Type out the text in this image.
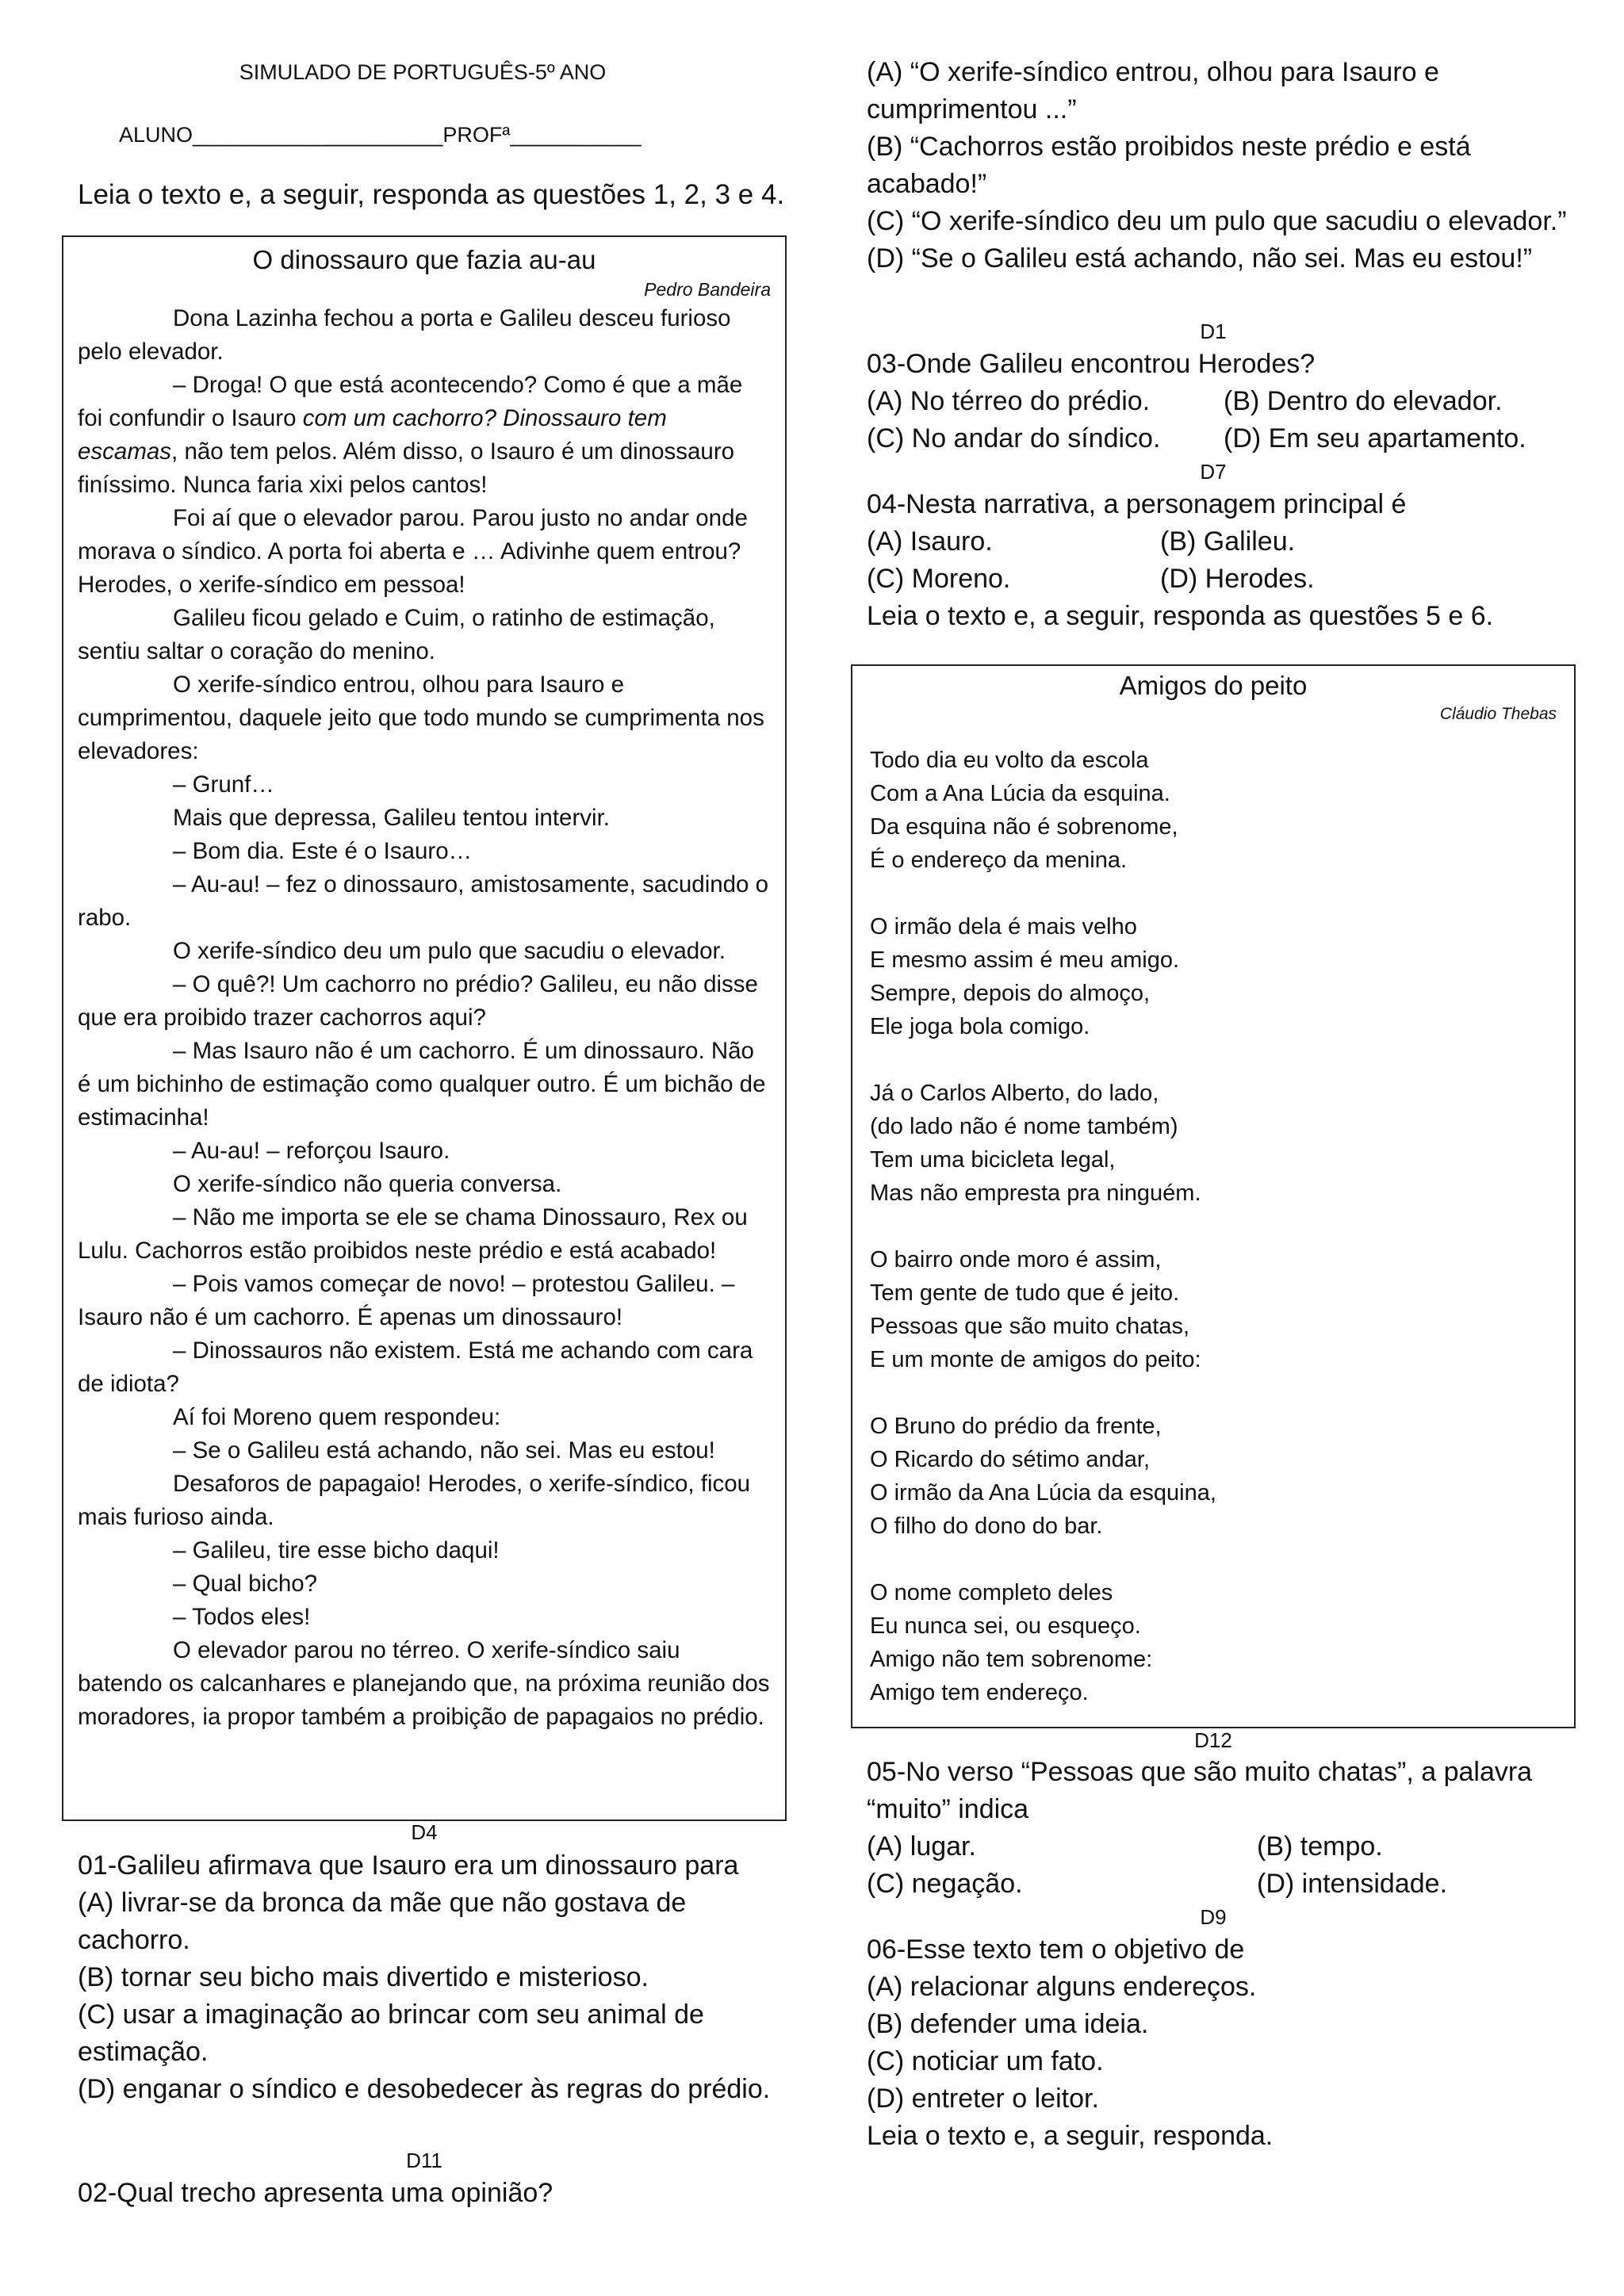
SIMULADO DE PORTUGUÊS-5º ANO
ALUNO_____________________PROFª___________
Leia o texto e, a seguir, responda as questões 1, 2, 3 e 4.
O dinossauro que fazia au-au
Pedro Bandeira

Dona Lazinha fechou a porta e Galileu desceu furioso pelo elevador.

– Droga! O que está acontecendo? Como é que a mãe foi confundir o Isauro com um cachorro? Dinossauro tem escamas, não tem pelos. Além disso, o Isauro é um dinossauro finíssimo. Nunca faria xixi pelos cantos!

Foi aí que o elevador parou. Parou justo no andar onde morava o síndico. A porta foi aberta e … Adivinhe quem entrou? Herodes, o xerife-síndico em pessoa!

Galileu ficou gelado e Cuim, o ratinho de estimação, sentiu saltar o coração do menino.

O xerife-síndico entrou, olhou para Isauro e cumprimentou, daquele jeito que todo mundo se cumprimenta nos elevadores:

– Grunf…

Mais que depressa, Galileu tentou intervir.

– Bom dia. Este é o Isauro…

– Au-au! – fez o dinossauro, amistosamente, sacudindo o rabo.

O xerife-síndico deu um pulo que sacudiu o elevador.

– O quê?! Um cachorro no prédio? Galileu, eu não disse que era proibido trazer cachorros aqui?

– Mas Isauro não é um cachorro. É um dinossauro. Não é um bichinho de estimação como qualquer outro. É um bichão de estimacinha!

– Au-au! – reforçou Isauro.

O xerife-síndico não queria conversa.

– Não me importa se ele se chama Dinossauro, Rex ou Lulu. Cachorros estão proibidos neste prédio e está acabado!

– Pois vamos começar de novo! – protestou Galileu. – Isauro não é um cachorro. É apenas um dinossauro!

– Dinossauros não existem. Está me achando com cara de idiota?

Aí foi Moreno quem respondeu:

– Se o Galileu está achando, não sei. Mas eu estou!

Desaforos de papagaio! Herodes, o xerife-síndico, ficou mais furioso ainda.

– Galileu, tire esse bicho daqui!

– Qual bicho?

– Todos eles!

O elevador parou no térreo. O xerife-síndico saiu batendo os calcanhares e planejando que, na próxima reunião dos moradores, ia propor também a proibição de papagaios no prédio.

D4
01-Galileu afirmava que Isauro era um dinossauro para
(A) livrar-se da bronca da mãe que não gostava de cachorro.
(B) tornar seu bicho mais divertido e misterioso.
(C) usar a imaginação ao brincar com seu animal de estimação.
(D) enganar o síndico e desobedecer às regras do prédio.
D11
02-Qual trecho apresenta uma opinião?
(A) “O xerife-síndico entrou, olhou para Isauro e cumprimentou ...”
(B) “Cachorros estão proibidos neste prédio e está acabado!”
(C) “O xerife-síndico deu um pulo que sacudiu o elevador.”
(D) “Se o Galileu está achando, não sei. Mas eu estou!”
D1
03-Onde Galileu encontrou Herodes?
(A) No térreo do prédio.	(B) Dentro do elevador.
(C) No andar do síndico.	(D) Em seu apartamento.
D7
04-Nesta narrativa, a personagem principal é
(A) Isauro.	(B) Galileu.
(C) Moreno.	(D) Herodes.
Leia o texto e, a seguir, responda as questões 5 e 6.
Amigos do peito
Cláudio Thebas
Todo dia eu volto da escola
Com a Ana Lúcia da esquina.
Da esquina não é sobrenome,
É o endereço da menina.
O irmão dela é mais velho
E mesmo assim é meu amigo.
Sempre, depois do almoço,
Ele joga bola comigo.
Já o Carlos Alberto, do lado,
(do lado não é nome também)
Tem uma bicicleta legal,
Mas não empresta pra ninguém.
O bairro onde moro é assim,
Tem gente de tudo que é jeito.
Pessoas que são muito chatas,
E um monte de amigos do peito:
O Bruno do prédio da frente,
O Ricardo do sétimo andar,
O irmão da Ana Lúcia da esquina,
O filho do dono do bar.
O nome completo deles
Eu nunca sei, ou esqueço.
Amigo não tem sobrenome:
Amigo tem endereço.
D12
05-No verso “Pessoas que são muito chatas”, a palavra “muito” indica
(A) lugar.	(B) tempo.
(C) negação.	(D) intensidade.
D9
06-Esse texto tem o objetivo de
(A) relacionar alguns endereços.
(B) defender uma ideia.
(C) noticiar um fato.
(D) entreter o leitor.
Leia o texto e, a seguir, responda.
